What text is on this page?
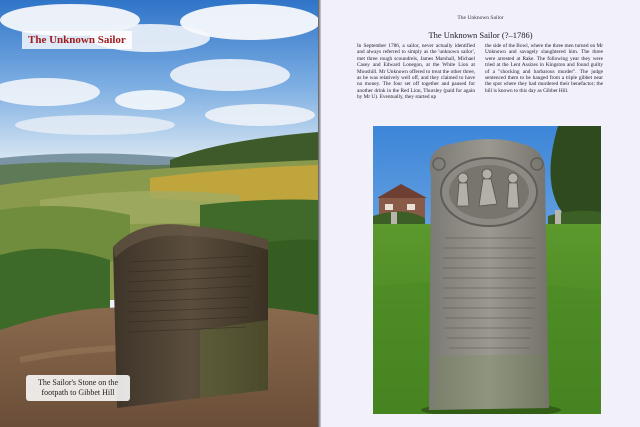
The Unknown Sailor
The Sailor's Stone on the
footpath to Gibbet Hill
The Unknown Sailor
The Unknown Sailor (?–1786)
In September 1786, a sailor, never actually identified and always referred to simply as the 'unknown sailor', met three rough scoundrels, James Marshall, Michael Casey and Edward Lonegon, at the White Lion at Moushill. Mr Unknown offered to treat the other three, as he was relatively well off, and they claimed to have no money. The four set off together and paused for another drink in the Red Lion, Thursley (paid for again by Mr U). Eventually, they started up
the side of the Bowl, where the three men turned on Mr Unknown and savagely slaughtered him. The three were arrested at Rake. The following year they were tried at the Lent Assizes in Kingston and found guilty of a "shocking and barbarous murder". The judge sentenced them to be hanged from a triple gibbet near the spot where they had murdered their benefactor; the hill is known to this day as Gibbet Hill.
